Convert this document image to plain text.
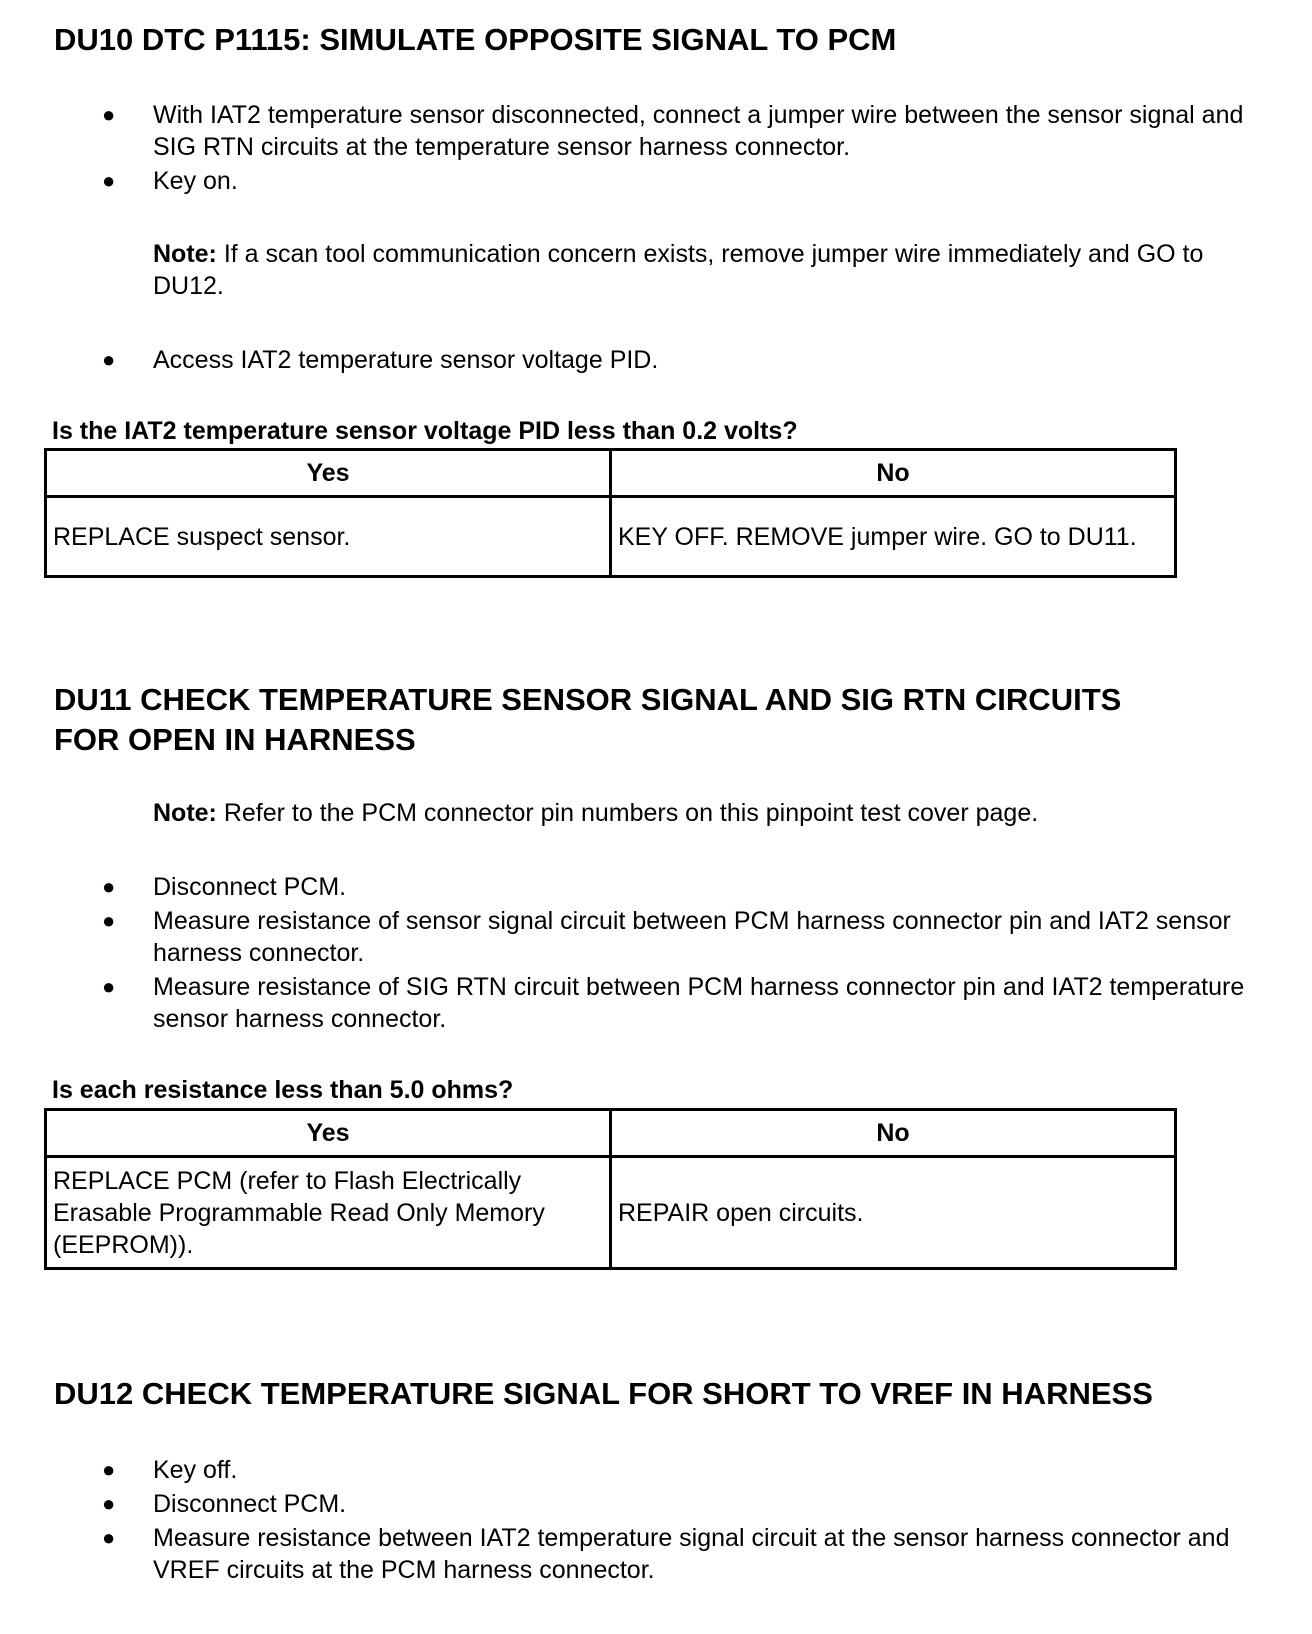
DU10 DTC P1115: SIMULATE OPPOSITE SIGNAL TO PCM
● With IAT2 temperature sensor disconnected, connect a jumper wire between the sensor signal and SIG RTN circuits at the temperature sensor harness connector.
● Key on.

Note: If a scan tool communication concern exists, remove jumper wire immediately and GO to DU12.

● Access IAT2 temperature sensor voltage PID.

Is the IAT2 temperature sensor voltage PID less than 0.2 volts?

Yes	No
REPLACE suspect sensor.	KEY OFF. REMOVE jumper wire. GO to DU11.
DU11 CHECK TEMPERATURE SENSOR SIGNAL AND SIG RTN CIRCUITS
FOR OPEN IN HARNESS

Note: Refer to the PCM connector pin numbers on this pinpoint test cover page.

● Disconnect PCM.
● Measure resistance of sensor signal circuit between PCM harness connector pin and IAT2 sensor harness connector.
● Measure resistance of SIG RTN circuit between PCM harness connector pin and IAT2 temperature sensor harness connector.

Is each resistance less than 5.0 ohms?

Yes	No
REPLACE PCM (refer to Flash Electrically Erasable Programmable Read Only Memory (EEPROM)).	REPAIR open circuits.
DU12 CHECK TEMPERATURE SIGNAL FOR SHORT TO VREF IN HARNESS
● Key off.
● Disconnect PCM.
● Measure resistance between IAT2 temperature signal circuit at the sensor harness connector and VREF circuits at the PCM harness connector.
